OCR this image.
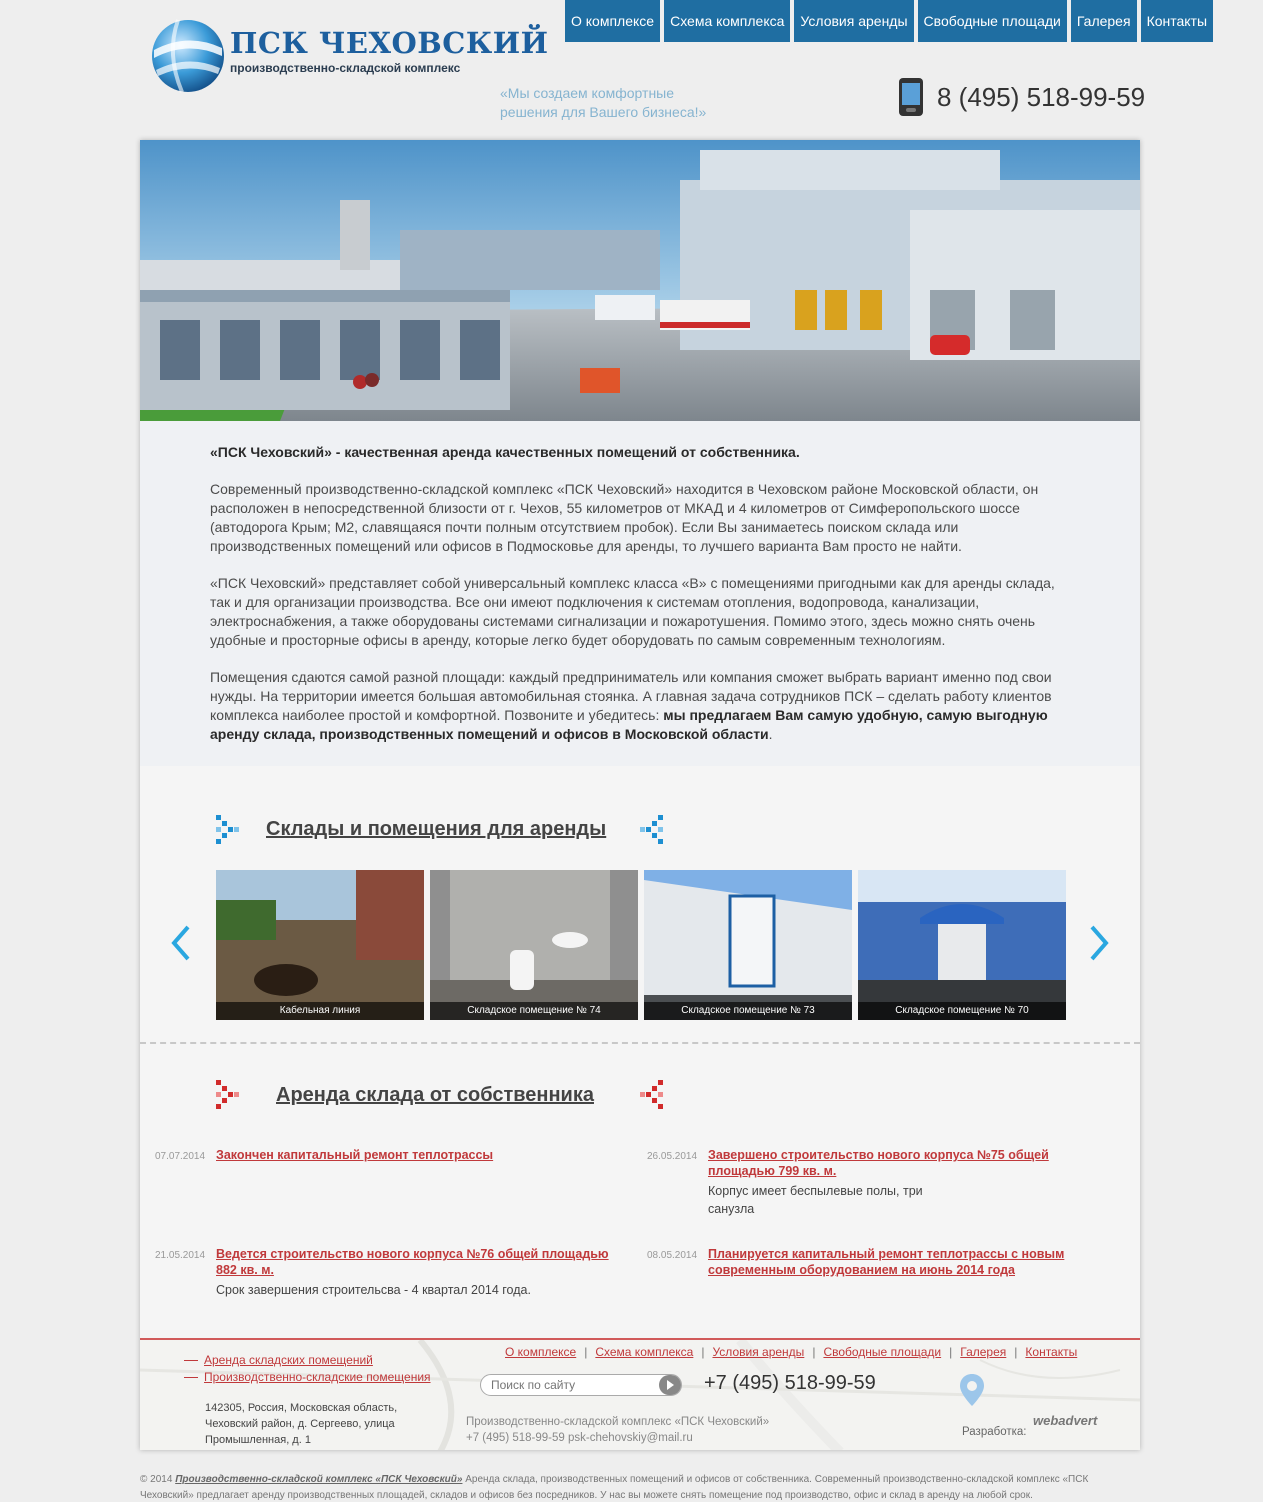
ПСК ЧЕХОВСКИЙ
производственно-складской комплекс
О комплексе	Схема комплекса	Условия аренды	Свободные площади	Галерея	Контакты
«Мы создаем комфортные решения для Вашего бизнеса!»	8 (495) 518-99-59

«ПСК Чеховский» - качественная аренда качественных помещений от собственника.

Современный производственно-складской комплекс «ПСК Чеховский» находится в Чеховском районе Московской области, он расположен в непосредственной близости от г. Чехов, 55 километров от МКАД и 4 километров от Симферопольского шоссе (автодорога Крым; М2, славящаяся почти полным отсутствием пробок). Если Вы занимаетесь поиском склада или производственных помещений или офисов в Подмосковье для аренды, то лучшего варианта Вам просто не найти.

«ПСК Чеховский» представляет собой универсальный комплекс класса «В» с помещениями пригодными как для аренды склада, так и для организации производства. Все они имеют подключения к системам отопления, водопровода, канализации, электроснабжения, а также оборудованы системами сигнализации и пожаротушения. Помимо этого, здесь можно снять очень удобные и просторные офисы в аренду, которые легко будет оборудовать по самым современным технологиям.

Помещения сдаются самой разной площади: каждый предприниматель или компания сможет выбрать вариант именно под свои нужды. На территории имеется большая автомобильная стоянка. А главная задача сотрудников ПСК – сделать работу клиентов комплекса наиболее простой и комфортной. Позвоните и убедитесь: мы предлагаем Вам самую удобную, самую выгодную аренду склада, производственных помещений и офисов в Московской области.

Склады и помещения для аренды
Кабельная линия	Складское помещение № 74	Складское помещение № 73	Складское помещение № 70
Аренда склада от собственника
07.07.2014 Закончен капитальный ремонт теплотрассы	26.05.2014 Завершено строительство нового корпуса №75 общей площадью 799 кв. м.
Корпус имеет беспылевые полы, три санузла
21.05.2014 Ведется строительство нового корпуса №76 общей площадью 882 кв. м.
Срок завершения строительсва - 4 квартал 2014 года.
08.05.2014 Планируется капитальный ремонт теплотрассы с новым современным оборудованием на июнь 2014 года
Аренда складских помещений
Производственно-складские помещения
142305, Россия, Московская область, Чеховский район, д. Сергеево, улица Промышленная, д. 1
О комплексе | Схема комплекса | Условия аренды | Свободные площади | Галерея | Контакты
Поиск по сайту
+7 (495) 518-99-59
Производственно-складской комплекс «ПСК Чеховский»
+7 (495) 518-99-59 psk-chehovskiy@mail.ru	Разработка:
webadvert
© 2014 Производственно-складской комплекс «ПСК Чеховский» Аренда склада, производственных помещений и офисов от собственника. Современный производственно-складской комплекс «ПСК Чеховский» предлагает аренду производственных площадей, складов и офисов без посредников. У нас вы можете снять помещение под производство, офис и склад в аренду на любой срок.
